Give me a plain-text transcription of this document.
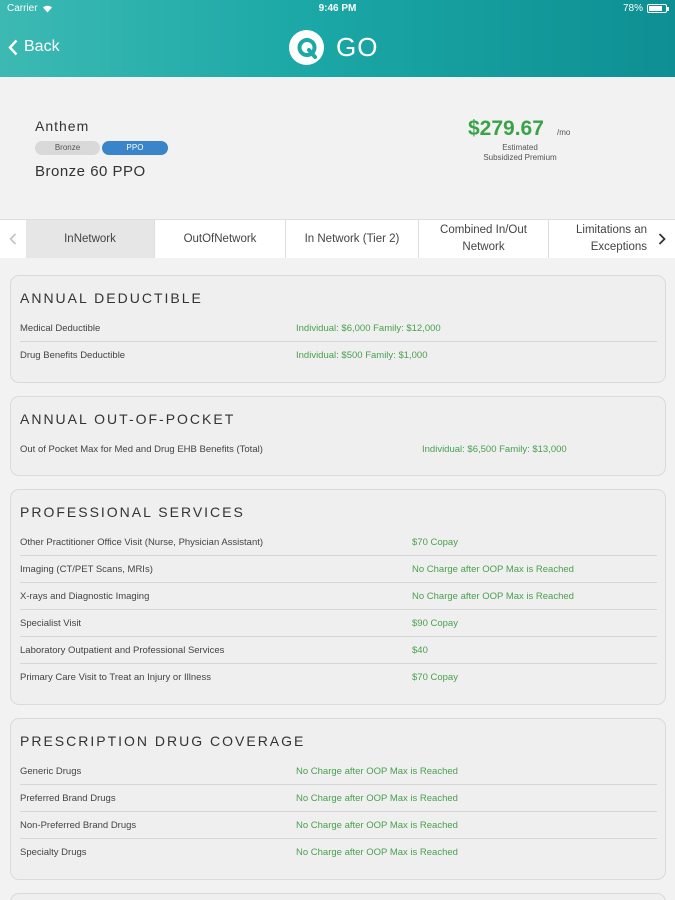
Carrier	9:46 PM	78%
Back	GO
Anthem
Bronze	PPO
Bronze 60 PPO
$279.67 /mo
Estimated
Subsidized Premium
InNetwork	OutOfNetwork	In Network (Tier 2)
Combined In/Out
Network
Limitations an
Exceptions
ANNUAL DEDUCTIBLE
Medical Deductible	Individual: $6,000 Family: $12,000
Drug Benefits Deductible	Individual: $500 Family: $1,000
ANNUAL OUT-OF-POCKET
Out of Pocket Max for Med and Drug EHB Benefits (Total)	Individual: $6,500 Family: $13,000
PROFESSIONAL SERVICES
Other Practitioner Office Visit (Nurse, Physician Assistant)	$70 Copay
Imaging (CT/PET Scans, MRIs)	No Charge after OOP Max is Reached
X-rays and Diagnostic Imaging	No Charge after OOP Max is Reached
Specialist Visit	$90 Copay
Laboratory Outpatient and Professional Services	$40
Primary Care Visit to Treat an Injury or Illness	$70 Copay
PRESCRIPTION DRUG COVERAGE
Generic Drugs	No Charge after OOP Max is Reached
Preferred Brand Drugs	No Charge after OOP Max is Reached
Non-Preferred Brand Drugs	No Charge after OOP Max is Reached
Specialty Drugs	No Charge after OOP Max is Reached
